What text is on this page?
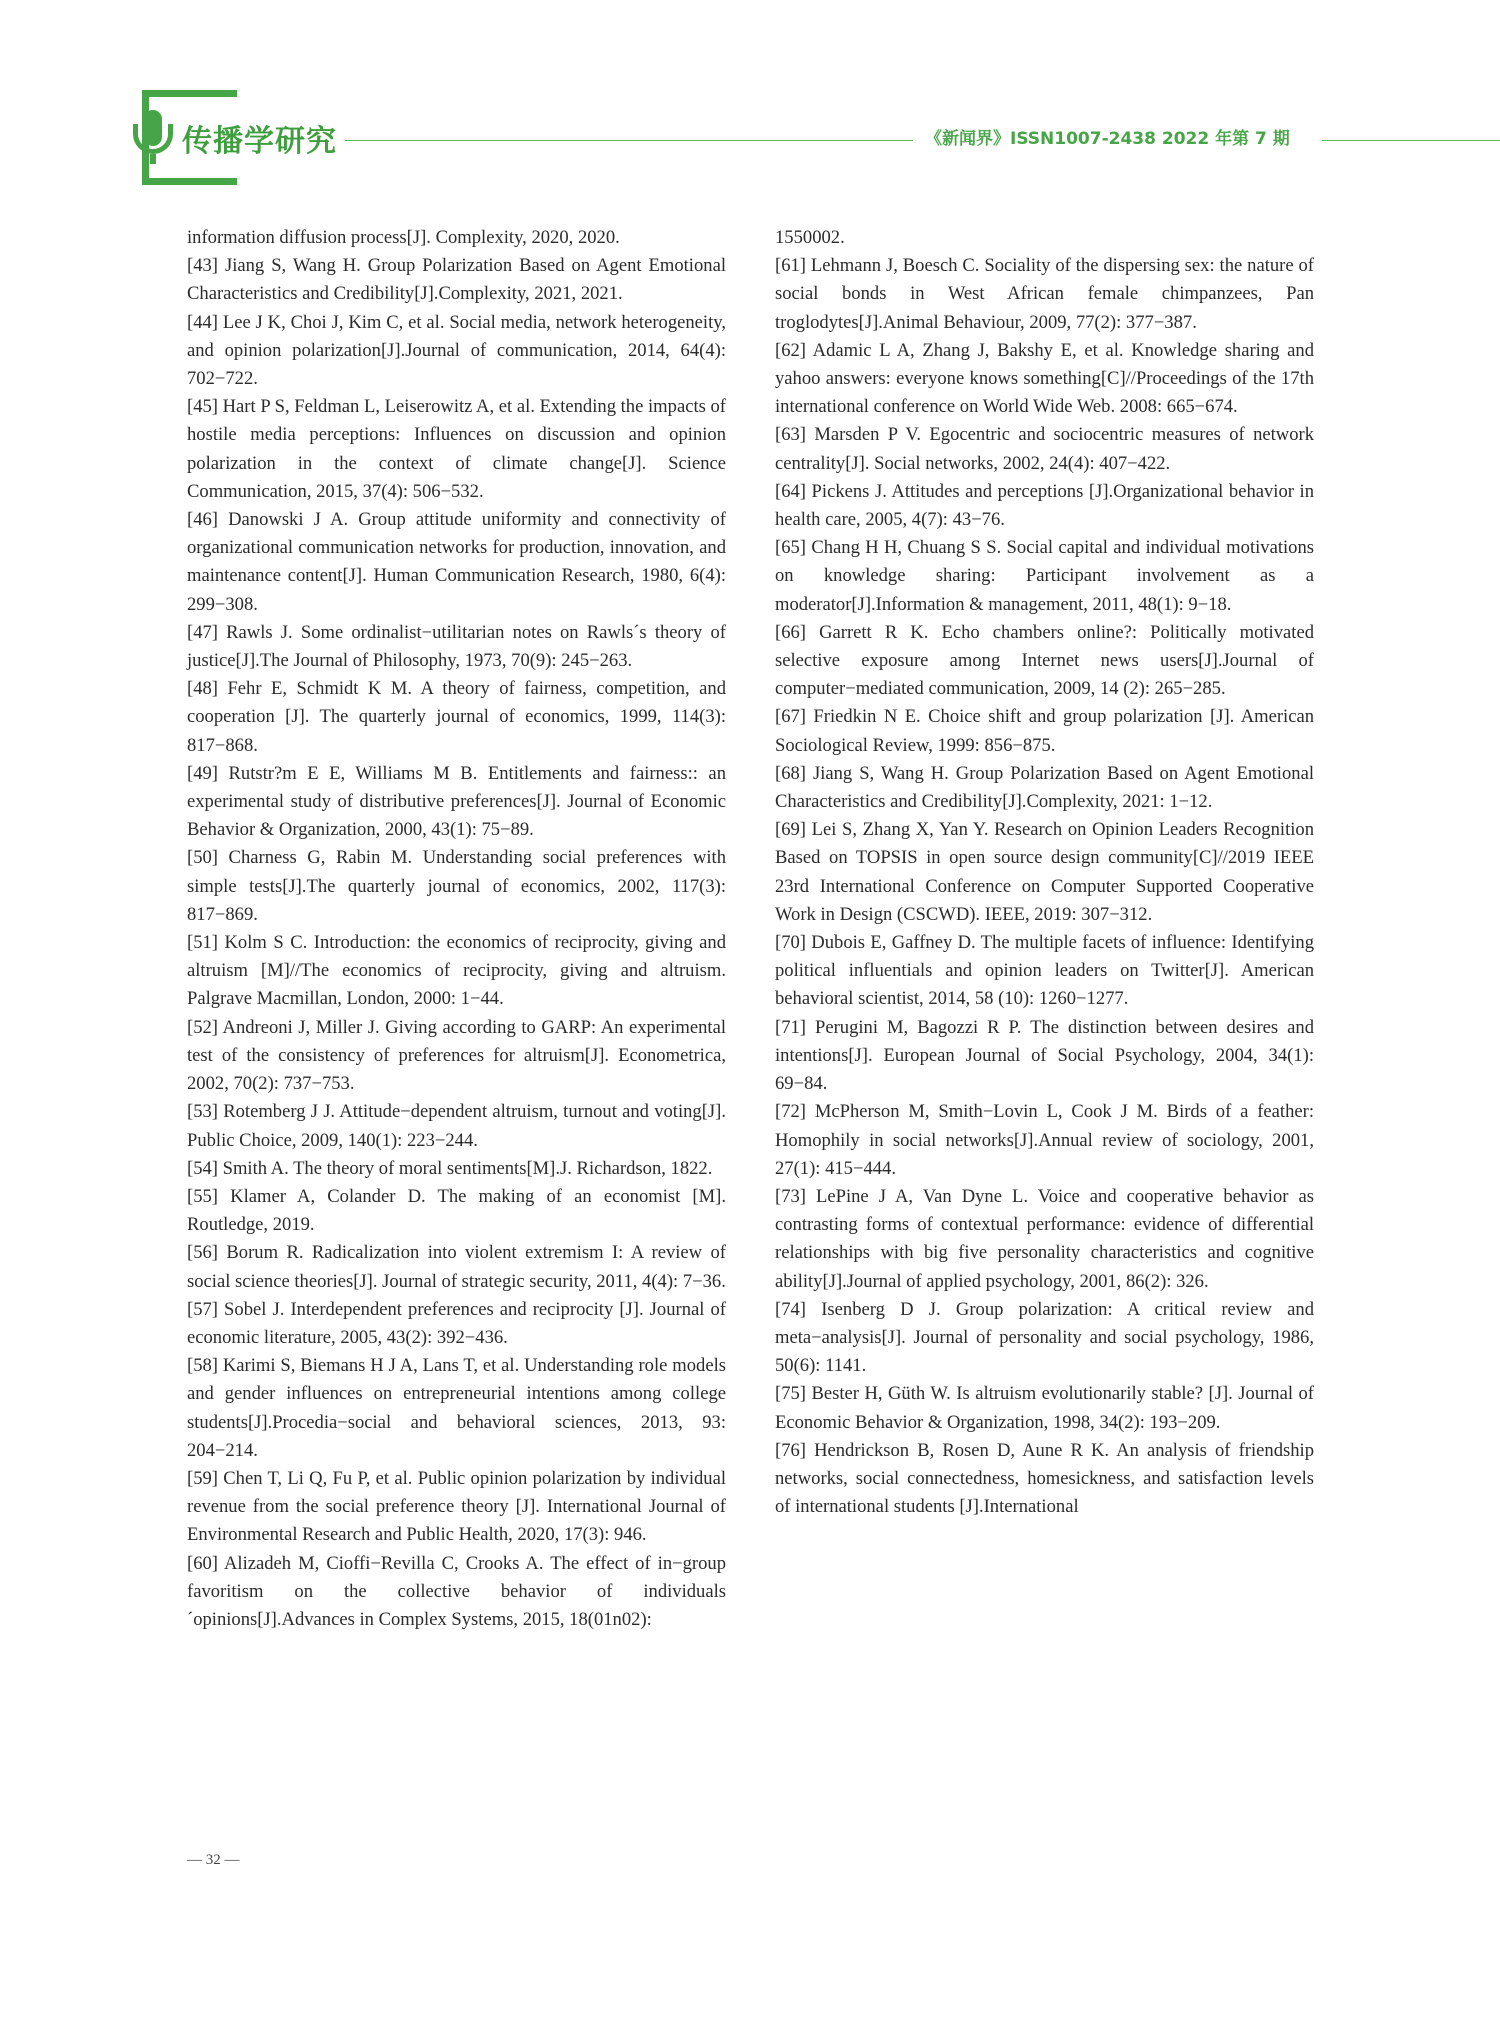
传播学研究	《新闻界》ISSN1007-2438 2022 年第 7 期

information diffusion process[J]. Complexity, 2020, 2020.

[43] Jiang S, Wang H. Group Polarization Based on Agent Emotional Characteristics and Credibility[J].Complexity, 2021, 2021.

[44] Lee J K, Choi J, Kim C, et al. Social media, network heterogeneity, and opinion polarization[J].Journal of communication, 2014, 64(4): 702−722.

[45] Hart P S, Feldman L, Leiserowitz A, et al. Extending the impacts of hostile media perceptions: Influences on discussion and opinion polarization in the context of climate change[J]. Science Communication, 2015, 37(4): 506−532.

[46] Danowski J A. Group attitude uniformity and connectivity of organizational communication networks for production, innovation, and maintenance content[J]. Human Communication Research, 1980, 6(4): 299−308.

[47] Rawls J. Some ordinalist−utilitarian notes on Rawls´s theory of justice[J].The Journal of Philosophy, 1973, 70(9): 245−263.

[48] Fehr E, Schmidt K M. A theory of fairness, competition, and cooperation [J]. The quarterly journal of economics, 1999, 114(3): 817−868.

[49] Rutstr?m E E, Williams M B. Entitlements and fairness:: an experimental study of distributive preferences[J]. Journal of Economic Behavior & Organization, 2000, 43(1): 75−89.

[50] Charness G, Rabin M. Understanding social preferences with simple tests[J].The quarterly journal of economics, 2002, 117(3): 817−869.

[51] Kolm S C. Introduction: the economics of reciprocity, giving and altruism [M]//The economics of reciprocity, giving and altruism. Palgrave Macmillan, London, 2000: 1−44.

[52] Andreoni J, Miller J. Giving according to GARP: An experimental test of the consistency of preferences for altruism[J]. Econometrica, 2002, 70(2): 737−753.

[53] Rotemberg J J. Attitude−dependent altruism, turnout and voting[J]. Public Choice, 2009, 140(1): 223−244.

[54] Smith A. The theory of moral sentiments[M].J. Richardson, 1822.

[55] Klamer A, Colander D. The making of an economist [M]. Routledge, 2019.

[56] Borum R. Radicalization into violent extremism I: A review of social science theories[J]. Journal of strategic security, 2011, 4(4): 7−36.

[57] Sobel J. Interdependent preferences and reciprocity [J]. Journal of economic literature, 2005, 43(2): 392−436.

[58] Karimi S, Biemans H J A, Lans T, et al. Understanding role models and gender influences on entrepreneurial intentions among college students[J].Procedia−social and behavioral sciences, 2013, 93: 204−214.

[59] Chen T, Li Q, Fu P, et al. Public opinion polarization by individual revenue from the social preference theory [J]. International Journal of Environmental Research and Public Health, 2020, 17(3): 946.

[60] Alizadeh M, Cioffi−Revilla C, Crooks A. The effect of in−group favoritism on the collective behavior of individuals´opinions[J].Advances in Complex Systems, 2015, 18(01n02):

1550002.

[61] Lehmann J, Boesch C. Sociality of the dispersing sex: the nature of social bonds in West African female chimpanzees, Pan troglodytes[J].Animal Behaviour, 2009, 77(2): 377−387.

[62] Adamic L A, Zhang J, Bakshy E, et al. Knowledge sharing and yahoo answers: everyone knows something[C]//Proceedings of the 17th international conference on World Wide Web. 2008: 665−674.

[63] Marsden P V. Egocentric and sociocentric measures of network centrality[J]. Social networks, 2002, 24(4): 407−422.

[64] Pickens J. Attitudes and perceptions [J].Organizational behavior in health care, 2005, 4(7): 43−76.

[65] Chang H H, Chuang S S. Social capital and individual motivations on knowledge sharing: Participant involvement as a moderator[J].Information & management, 2011, 48(1): 9−18.

[66] Garrett R K. Echo chambers online?: Politically motivated selective exposure among Internet news users[J].Journal of computer−mediated communication, 2009, 14 (2): 265−285.

[67] Friedkin N E. Choice shift and group polarization [J]. American Sociological Review, 1999: 856−875.

[68] Jiang S, Wang H. Group Polarization Based on Agent Emotional Characteristics and Credibility[J].Complexity, 2021: 1−12.

[69] Lei S, Zhang X, Yan Y. Research on Opinion Leaders Recognition Based on TOPSIS in open source design community[C]//2019 IEEE 23rd International Conference on Computer Supported Cooperative Work in Design (CSCWD). IEEE, 2019: 307−312.

[70] Dubois E, Gaffney D. The multiple facets of influence: Identifying political influentials and opinion leaders on Twitter[J]. American behavioral scientist, 2014, 58 (10): 1260−1277.

[71] Perugini M, Bagozzi R P. The distinction between desires and intentions[J]. European Journal of Social Psychology, 2004, 34(1): 69−84.

[72] McPherson M, Smith−Lovin L, Cook J M. Birds of a feather: Homophily in social networks[J].Annual review of sociology, 2001, 27(1): 415−444.

[73] LePine J A, Van Dyne L. Voice and cooperative behavior as contrasting forms of contextual performance: evidence of differential relationships with big five personality characteristics and cognitive ability[J].Journal of applied psychology, 2001, 86(2): 326.

[74] Isenberg D J. Group polarization: A critical review and meta−analysis[J]. Journal of personality and social psychology, 1986, 50(6): 1141.

[75] Bester H, Güth W. Is altruism evolutionarily stable? [J]. Journal of Economic Behavior & Organization, 1998, 34(2): 193−209.

[76] Hendrickson B, Rosen D, Aune R K. An analysis of friendship networks, social connectedness, homesickness, and satisfaction levels of international students [J].International

— 32 —
